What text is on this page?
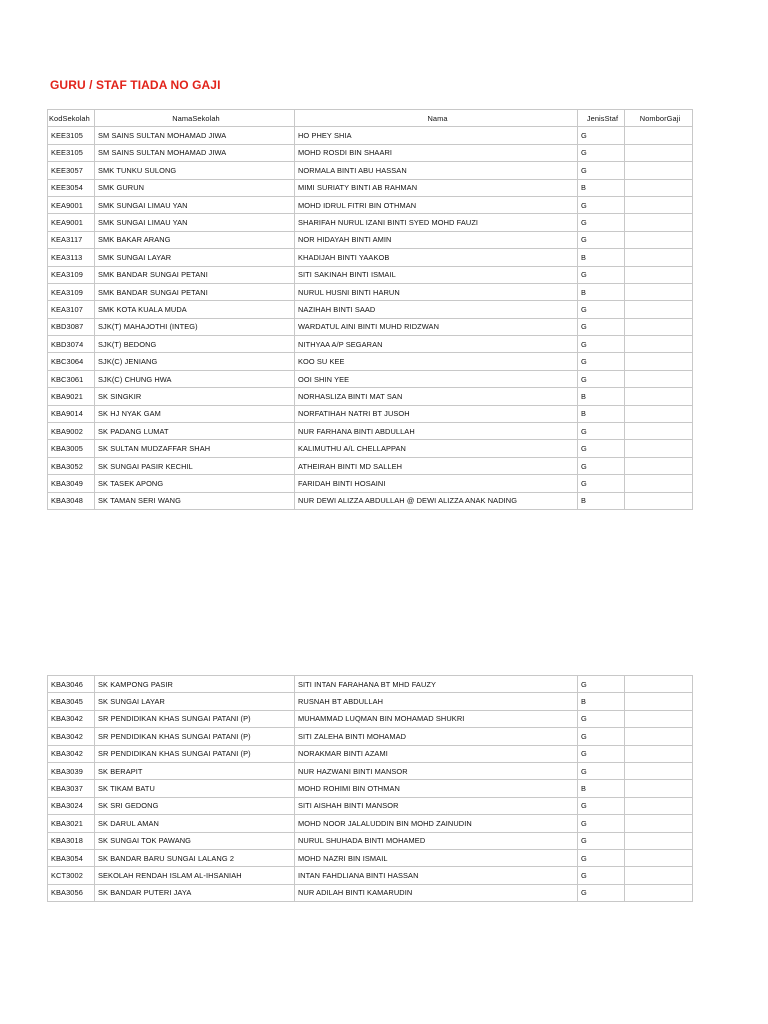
GURU / STAF TIADA NO GAJI
KodSekolah	NamaSekolah	Nama	JenisStaf	NomborGaji
KEE3105	SM SAINS SULTAN MOHAMAD JIWA	HO PHEY SHIA	G	
KEE3105	SM SAINS SULTAN MOHAMAD JIWA	MOHD ROSDI BIN SHAARI	G	
KEE3057	SMK TUNKU SULONG	NORMALA BINTI ABU HASSAN	G	
KEE3054	SMK GURUN	MIMI SURIATY BINTI AB RAHMAN	B	
KEA9001	SMK SUNGAI LIMAU YAN	MOHD IDRUL FITRI BIN OTHMAN	G	
KEA9001	SMK SUNGAI LIMAU YAN	SHARIFAH NURUL IZANI BINTI SYED MOHD FAUZI	G	
KEA3117	SMK BAKAR ARANG	NOR HIDAYAH BINTI AMIN	G	
KEA3113	SMK SUNGAI LAYAR	KHADIJAH BINTI YAAKOB	B	
KEA3109	SMK BANDAR SUNGAI PETANI	SITI SAKINAH BINTI ISMAIL	G	
KEA3109	SMK BANDAR SUNGAI PETANI	NURUL HUSNI BINTI HARUN	B	
KEA3107	SMK KOTA KUALA MUDA	NAZIHAH BINTI SAAD	G	
KBD3087	SJK(T) MAHAJOTHI (INTEG)	WARDATUL AINI BINTI MUHD RIDZWAN	G	
KBD3074	SJK(T) BEDONG	NITHYAA A/P SEGARAN	G	
KBC3064	SJK(C) JENIANG	KOO SU KEE	G	
KBC3061	SJK(C) CHUNG HWA	OOI SHIN YEE	G	
KBA9021	SK SINGKIR	NORHASLIZA BINTI MAT SAN	B	
KBA9014	SK HJ NYAK GAM	NORFATIHAH NATRI BT JUSOH	B	
KBA9002	SK PADANG LUMAT	NUR FARHANA BINTI ABDULLAH	G	
KBA3005	SK SULTAN MUDZAFFAR SHAH	KALIMUTHU A/L CHELLAPPAN	G	
KBA3052	SK SUNGAI PASIR KECHIL	ATHEIRAH BINTI MD SALLEH	G	
KBA3049	SK TASEK APONG	FARIDAH BINTI HOSAINI	G	
KBA3048	SK TAMAN SERI WANG	NUR DEWI ALIZZA ABDULLAH @ DEWI ALIZZA ANAK NADING	B	
KBA3046	SK KAMPONG PASIR	SITI INTAN FARAHANA BT MHD FAUZY	G	
KBA3045	SK SUNGAI LAYAR	RUSNAH BT ABDULLAH	B	
KBA3042	SR PENDIDIKAN KHAS SUNGAI PATANI (P)	MUHAMMAD LUQMAN BIN MOHAMAD SHUKRI	G	
KBA3042	SR PENDIDIKAN KHAS SUNGAI PATANI (P)	SITI ZALEHA BINTI MOHAMAD	G	
KBA3042	SR PENDIDIKAN KHAS SUNGAI PATANI (P)	NORAKMAR BINTI AZAMI	G	
KBA3039	SK BERAPIT	NUR HAZWANI BINTI MANSOR	G	
KBA3037	SK TIKAM BATU	MOHD ROHIMI BIN OTHMAN	B	
KBA3024	SK SRI GEDONG	SITI AISHAH BINTI MANSOR	G	
KBA3021	SK DARUL AMAN	MOHD NOOR JALALUDDIN BIN MOHD ZAINUDIN	G	
KBA3018	SK SUNGAI TOK PAWANG	NURUL SHUHADA BINTI MOHAMED	G	
KBA3054	SK BANDAR BARU SUNGAI LALANG 2	MOHD NAZRI BIN ISMAIL	G	
KCT3002	SEKOLAH RENDAH ISLAM AL-IHSANIAH	INTAN FAHDLIANA BINTI HASSAN	G	
KBA3056	SK BANDAR PUTERI JAYA	NUR ADILAH BINTI KAMARUDIN	G	
